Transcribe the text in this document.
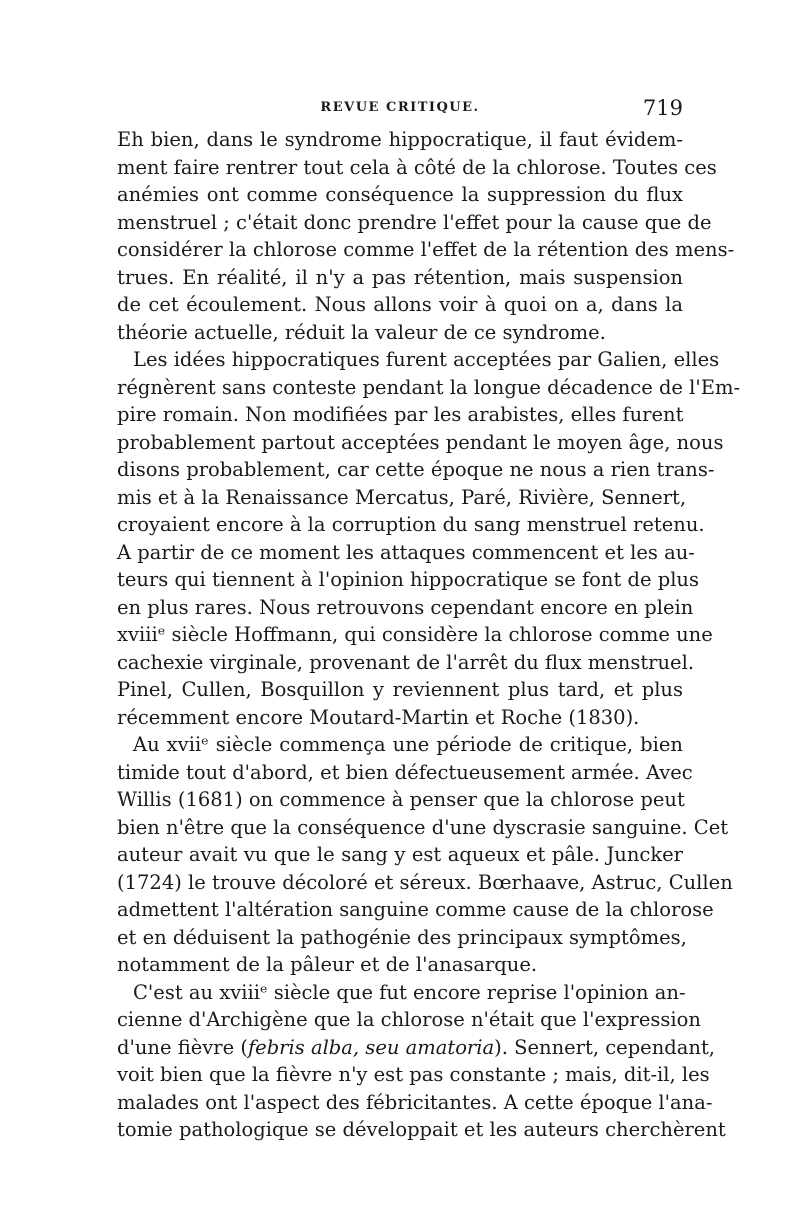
REVUE CRITIQUE.	719
Eh bien, dans le syndrome hippocratique, il faut évidem-
ment faire rentrer tout cela à côté de la chlorose. Toutes ces
anémies ont comme conséquence la suppression du flux
menstruel ; c'était donc prendre l'effet pour la cause que de
considérer la chlorose comme l'effet de la rétention des mens-
trues. En réalité, il n'y a pas rétention, mais suspension
de cet écoulement. Nous allons voir à quoi on a, dans la
théorie actuelle, réduit la valeur de ce syndrome.
Les idées hippocratiques furent acceptées par Galien, elles
régnèrent sans conteste pendant la longue décadence de l'Em-
pire romain. Non modifiées par les arabistes, elles furent
probablement partout acceptées pendant le moyen âge, nous
disons probablement, car cette époque ne nous a rien trans-
mis et à la Renaissance Mercatus, Paré, Rivière, Sennert,
croyaient encore à la corruption du sang menstruel retenu.
A partir de ce moment les attaques commencent et les au-
teurs qui tiennent à l'opinion hippocratique se font de plus
en plus rares. Nous retrouvons cependant encore en plein
xviiiᵉ siècle Hoffmann, qui considère la chlorose comme une
cachexie virginale, provenant de l'arrêt du flux menstruel.
Pinel, Cullen, Bosquillon y reviennent plus tard, et plus
récemment encore Moutard-Martin et Roche (1830).
Au xviiᵉ siècle commença une période de critique, bien
timide tout d'abord, et bien défectueusement armée. Avec
Willis (1681) on commence à penser que la chlorose peut
bien n'être que la conséquence d'une dyscrasie sanguine. Cet
auteur avait vu que le sang y est aqueux et pâle. Juncker
(1724) le trouve décoloré et séreux. Bœrhaave, Astruc, Cullen
admettent l'altération sanguine comme cause de la chlorose
et en déduisent la pathogénie des principaux symptômes,
notamment de la pâleur et de l'anasarque.
C'est au xviiiᵉ siècle que fut encore reprise l'opinion an-
cienne d'Archigène que la chlorose n'était que l'expression
d'une fièvre (febris alba, seu amatoria). Sennert, cependant,
voit bien que la fièvre n'y est pas constante ; mais, dit-il, les
malades ont l'aspect des fébricitantes. A cette époque l'ana-
tomie pathologique se développait et les auteurs cherchèrent
